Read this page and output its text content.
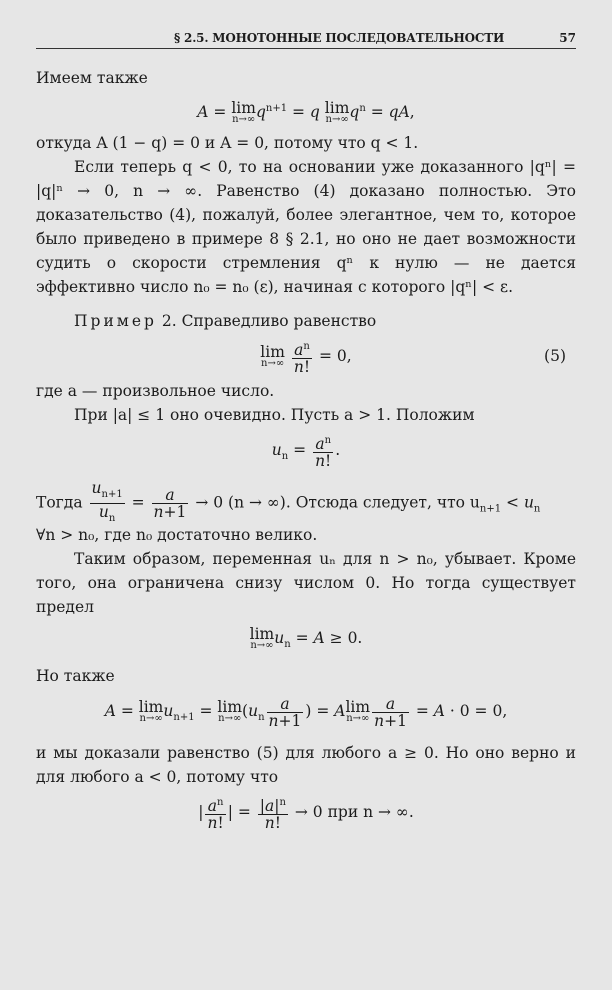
§ 2.5. МОНОТОННЫЕ ПОСЛЕДОВАТЕЛЬНОСТИ	57

Имеем также

A = lim
n→∞ $q^{n+1} = q$ lim
n→∞ $q^n$ = qA,

откуда A (1 − q) = 0 и A = 0, потому что q < 1.

Если теперь q < 0, то на основании уже доказанного |qⁿ| = |q|ⁿ → 0, n → ∞. Равенство (4) доказано полностью. Это доказательство (4), пожалуй, более элегантное, чем то, которое было приведено в примере 8 § 2.1, но оно не дает возможности судить о скорости стремления qⁿ к нулю — не дается эффективно число n₀ = n₀ (ε), начиная с которого |qⁿ| < ε.

Пример 2. Справедливо равенство

lim
n→∞
$\frac{a^n}{n!} = 0$,	(5)

где a — произвольное число.

При |a| ≤ 1 оно очевидно. Пусть a > 1. Положим

$u_n = \frac{a^n}{n!}$ .

Тогда $\frac{u_{n+1}}{u_n} = \frac{a}{n+1} \to 0$ (n → ∞). Отсюда следует, что $u_{n+1} < u_n$

∀n > n₀, где n₀ достаточно велико.

Таким образом, переменная uₙ для n > n₀, убывает. Кроме того, она ограничена снизу числом 0. Но тогда существует предел

lim
n→∞ $u_n = A \ge 0$.

Но также

A = lim
n→∞ $u_{n+1} = \lim$
n→∞ ($u_n \frac{a}{n+1}$ ) = Alim
$n\to\infty \frac{a}{n+1} = A \cdot 0 = 0$,

и мы доказали равенство (5) для любого a ≥ 0. Но оно верно и для любого a < 0, потому что

| $\frac{a^n}{n!}$ | = $\frac{|a|^n}{n!} \to 0$ при n → ∞.
